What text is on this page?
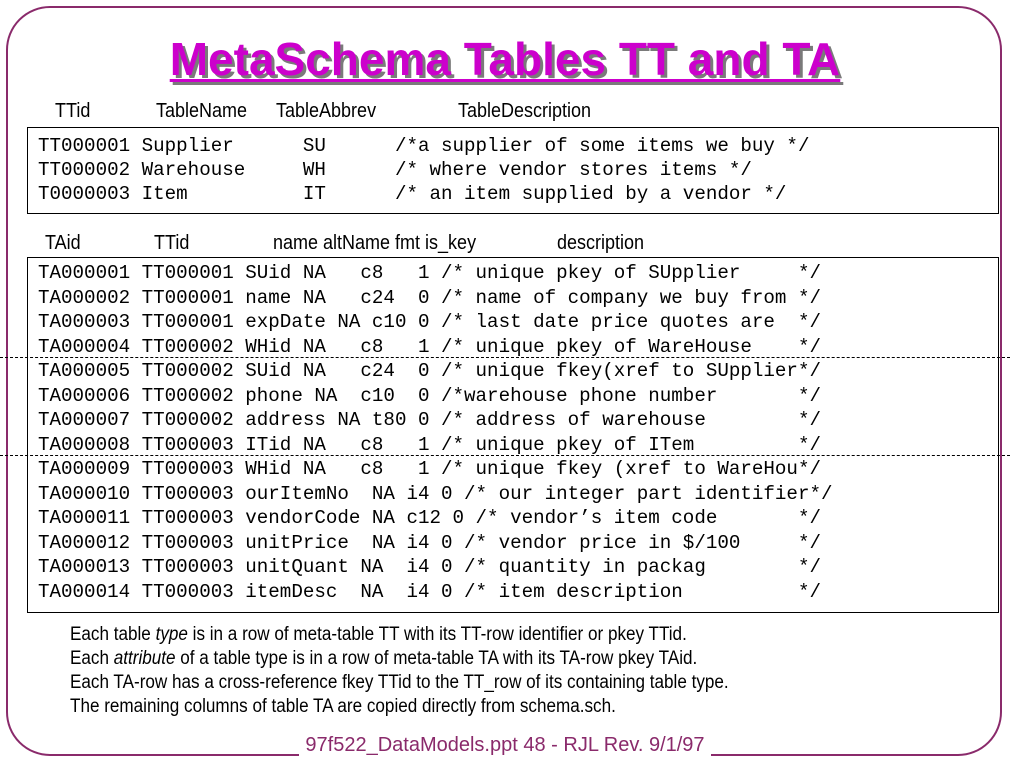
MetaSchema Tables TT and TA
TTid	TableName TableAbbrev	TableDescription
TT000001 Supplier      SU      /*a supplier of some items we buy */
TT000002 Warehouse     WH      /* where vendor stores items */
T0000003 Item          IT      /* an item supplied by a vendor */
TAid	TTid	name altName fmt is_key	description
TA000001 TT000001 SUid NA   c8   1 /* unique pkey of SUpplier     */
TA000002 TT000001 name NA   c24  0 /* name of company we buy from */
TA000003 TT000001 expDate NA c10 0 /* last date price quotes are  */
TA000004 TT000002 WHid NA   c8   1 /* unique pkey of WareHouse    */
TA000005 TT000002 SUid NA   c24  0 /* unique fkey(xref to SUpplier*/
TA000006 TT000002 phone NA  c10  0 /*warehouse phone number       */
TA000007 TT000002 address NA t80 0 /* address of warehouse        */
TA000008 TT000003 ITid NA   c8   1 /* unique pkey of ITem         */
TA000009 TT000003 WHid NA   c8   1 /* unique fkey (xref to WareHou*/
TA000010 TT000003 ourItemNo  NA i4 0 /* our integer part identifier*/
TA000011 TT000003 vendorCode NA c12 0 /* vendor’s item code       */
TA000012 TT000003 unitPrice  NA i4 0 /* vendor price in $/100     */
TA000013 TT000003 unitQuant NA  i4 0 /* quantity in packag        */
TA000014 TT000003 itemDesc  NA  i4 0 /* item description          */
Each table type is in a row of meta-table TT with its TT-row identifier or pkey TTid.
Each attribute of a table type is in a row of meta-table TA with its TA-row pkey TAid.
Each TA-row has a cross-reference fkey TTid to the TT_row of its containing table type.
The remaining columns of table TA are copied directly from schema.sch.
97f522_DataModels.ppt 48 - RJL Rev. 9/1/97
